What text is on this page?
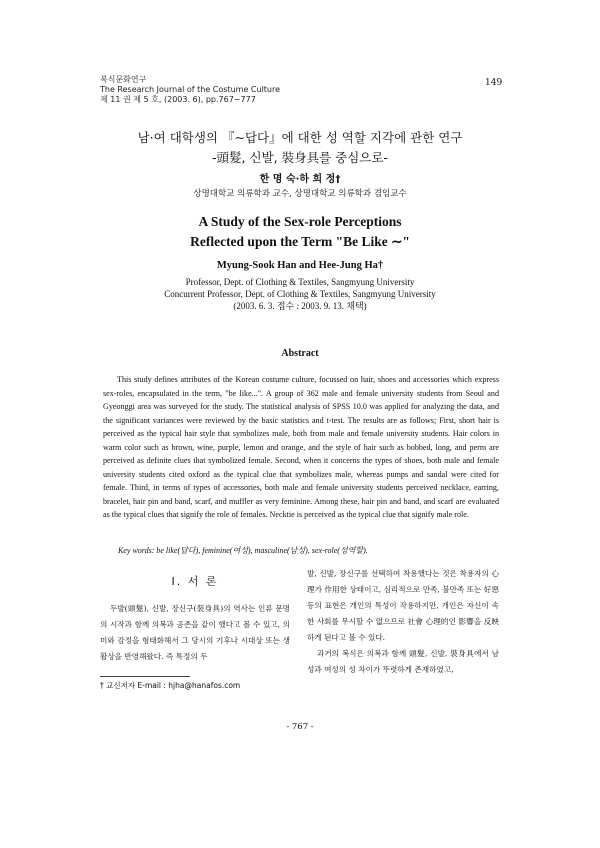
복식문화연구
The Research Journal of the Costume Culture
제 11 권 제 5 호, (2003. 6), pp.767∼777
149
남·여 대학생의 『∼답다』에 대한 성 역할 지각에 관한 연구
-頭髮, 신발, 裝身具를 중심으로-
한 명 숙·하 희 정†
상명대학교 의류학과 교수, 상명대학교 의류학과 겸임교수
A Study of the Sex-role Perceptions
Reflected upon the Term "Be Like ∼"
Myung-Sook Han and Hee-Jung Ha†
Professor, Dept. of Clothing & Textiles, Sangmyung University
Concurrent Professor, Dept. of Clothing & Textiles, Sangmyung University
(2003. 6. 3. 접수 : 2003. 9. 13. 채택)
Abstract
This study defines attributes of the Korean costume culture, focussed on hair, shoes and accessories which express sex-roles, encapsulated in the term, "be like...". A group of 362 male and female university students from Seoul and Gyeonggi area was surveyed for the study. The statistical analysis of SPSS 10.0 was applied for analyzing the data, and the significant variances were reviewed by the basic statistics and t-test. The results are as follows; First, short hair is perceived as the typical hair style that symbolizes male, both from male and female university students. Hair colors in warm color such as brown, wine, purple, lemon and orange, and the style of hair such as bobbed, long, and perm are perceived as definite clues that symbolized female. Second, when it concerns the types of shoes, both male and female university students cited oxford as the typical clue that symbolizes male, whereas pumps and sandal were cited for female. Third, in terms of types of accessories, both male and female university students perceived necklace, earring, bracelet, hair pin and band, scarf, and muffler as very feminine. Among these, hair pin and band, and scarf are evaluated as the typical clues that signify the role of females. Necktie is perceived as the typical clue that signify male role.
Key words: be like(답다), feminine(여성), masculine(남성), sex-role(성역할).
Ⅰ. 서 론

두발(頭髮), 신발, 장신구(裝身具)의 역사는 인류 문명의 시작과 함께 의복과 공존을 같이 했다고 볼 수 있고, 의미와 감정을 형태화해서 그 당시의 기후나 시대상 또는 생활상을 반영해왔다. 즉 특정의 두

발, 신발, 장신구를 선택하여 착용했다는 것은 착용자의 心理가 作用한 상태이고, 심리적으로 만족, 불만족 또는 好惡 등의 표현은 개인의 특성이 작용하지만, 개인은 자신이 속한 사회를 무시할 수 없으므로 社會 心理的인 影響을 反映하게 된다고 볼 수 있다.

과거의 복식은 의복과 함께 頭髮, 신발, 裝身具에서 남성과 여성의 성 차이가 뚜렷하게 존재하였고,

† 교신저자 E-mail : hjha@hanafos.com
- 767 -
